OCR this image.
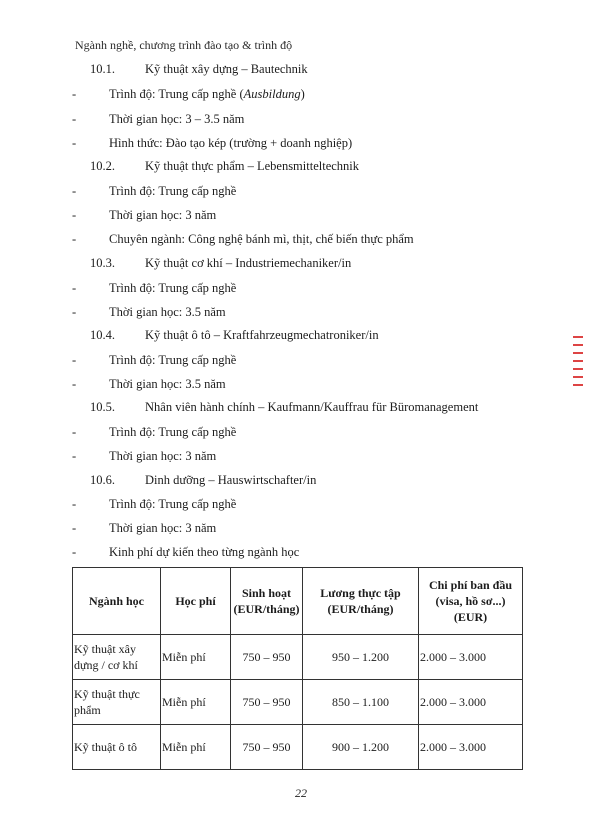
Ngành nghề, chương trình đào tạo & trình độ
10.1. Kỹ thuật xây dựng – Bautechnik
-	Trình độ: Trung cấp nghề (Ausbildung)
-	Thời gian học: 3 – 3.5 năm
-	Hình thức: Đào tạo kép (trường + doanh nghiệp)
10.2. Kỹ thuật thực phẩm – Lebensmitteltechnik
-	Trình độ: Trung cấp nghề
-	Thời gian học: 3 năm
-	Chuyên ngành: Công nghệ bánh mì, thịt, chế biến thực phẩm
10.3. Kỹ thuật cơ khí – Industriemechaniker/in
-	Trình độ: Trung cấp nghề
-	Thời gian học: 3.5 năm
10.4. Kỹ thuật ô tô – Kraftfahrzeugmechatroniker/in
-	Trình độ: Trung cấp nghề
-	Thời gian học: 3.5 năm
10.5. Nhân viên hành chính – Kaufmann/Kauffrau für Büromanagement
-	Trình độ: Trung cấp nghề
-	Thời gian học: 3 năm
10.6. Dinh dưỡng – Hauswirtschafter/in
-	Trình độ: Trung cấp nghề
-	Thời gian học: 3 năm
-	Kinh phí dự kiến theo từng ngành học
Ngành học	Học phí	Sinh hoạt (EUR/tháng)	Lương thực tập (EUR/tháng)	Chi phí ban đầu (visa, hồ sơ...) (EUR)
Kỹ thuật xây dựng / cơ khí	Miễn phí	750 – 950	950 – 1.200	2.000 – 3.000
Kỹ thuật thực phẩm	Miễn phí	750 – 950	850 – 1.100	2.000 – 3.000
Kỹ thuật ô tô	Miễn phí	750 – 950	900 – 1.200	2.000 – 3.000
22
